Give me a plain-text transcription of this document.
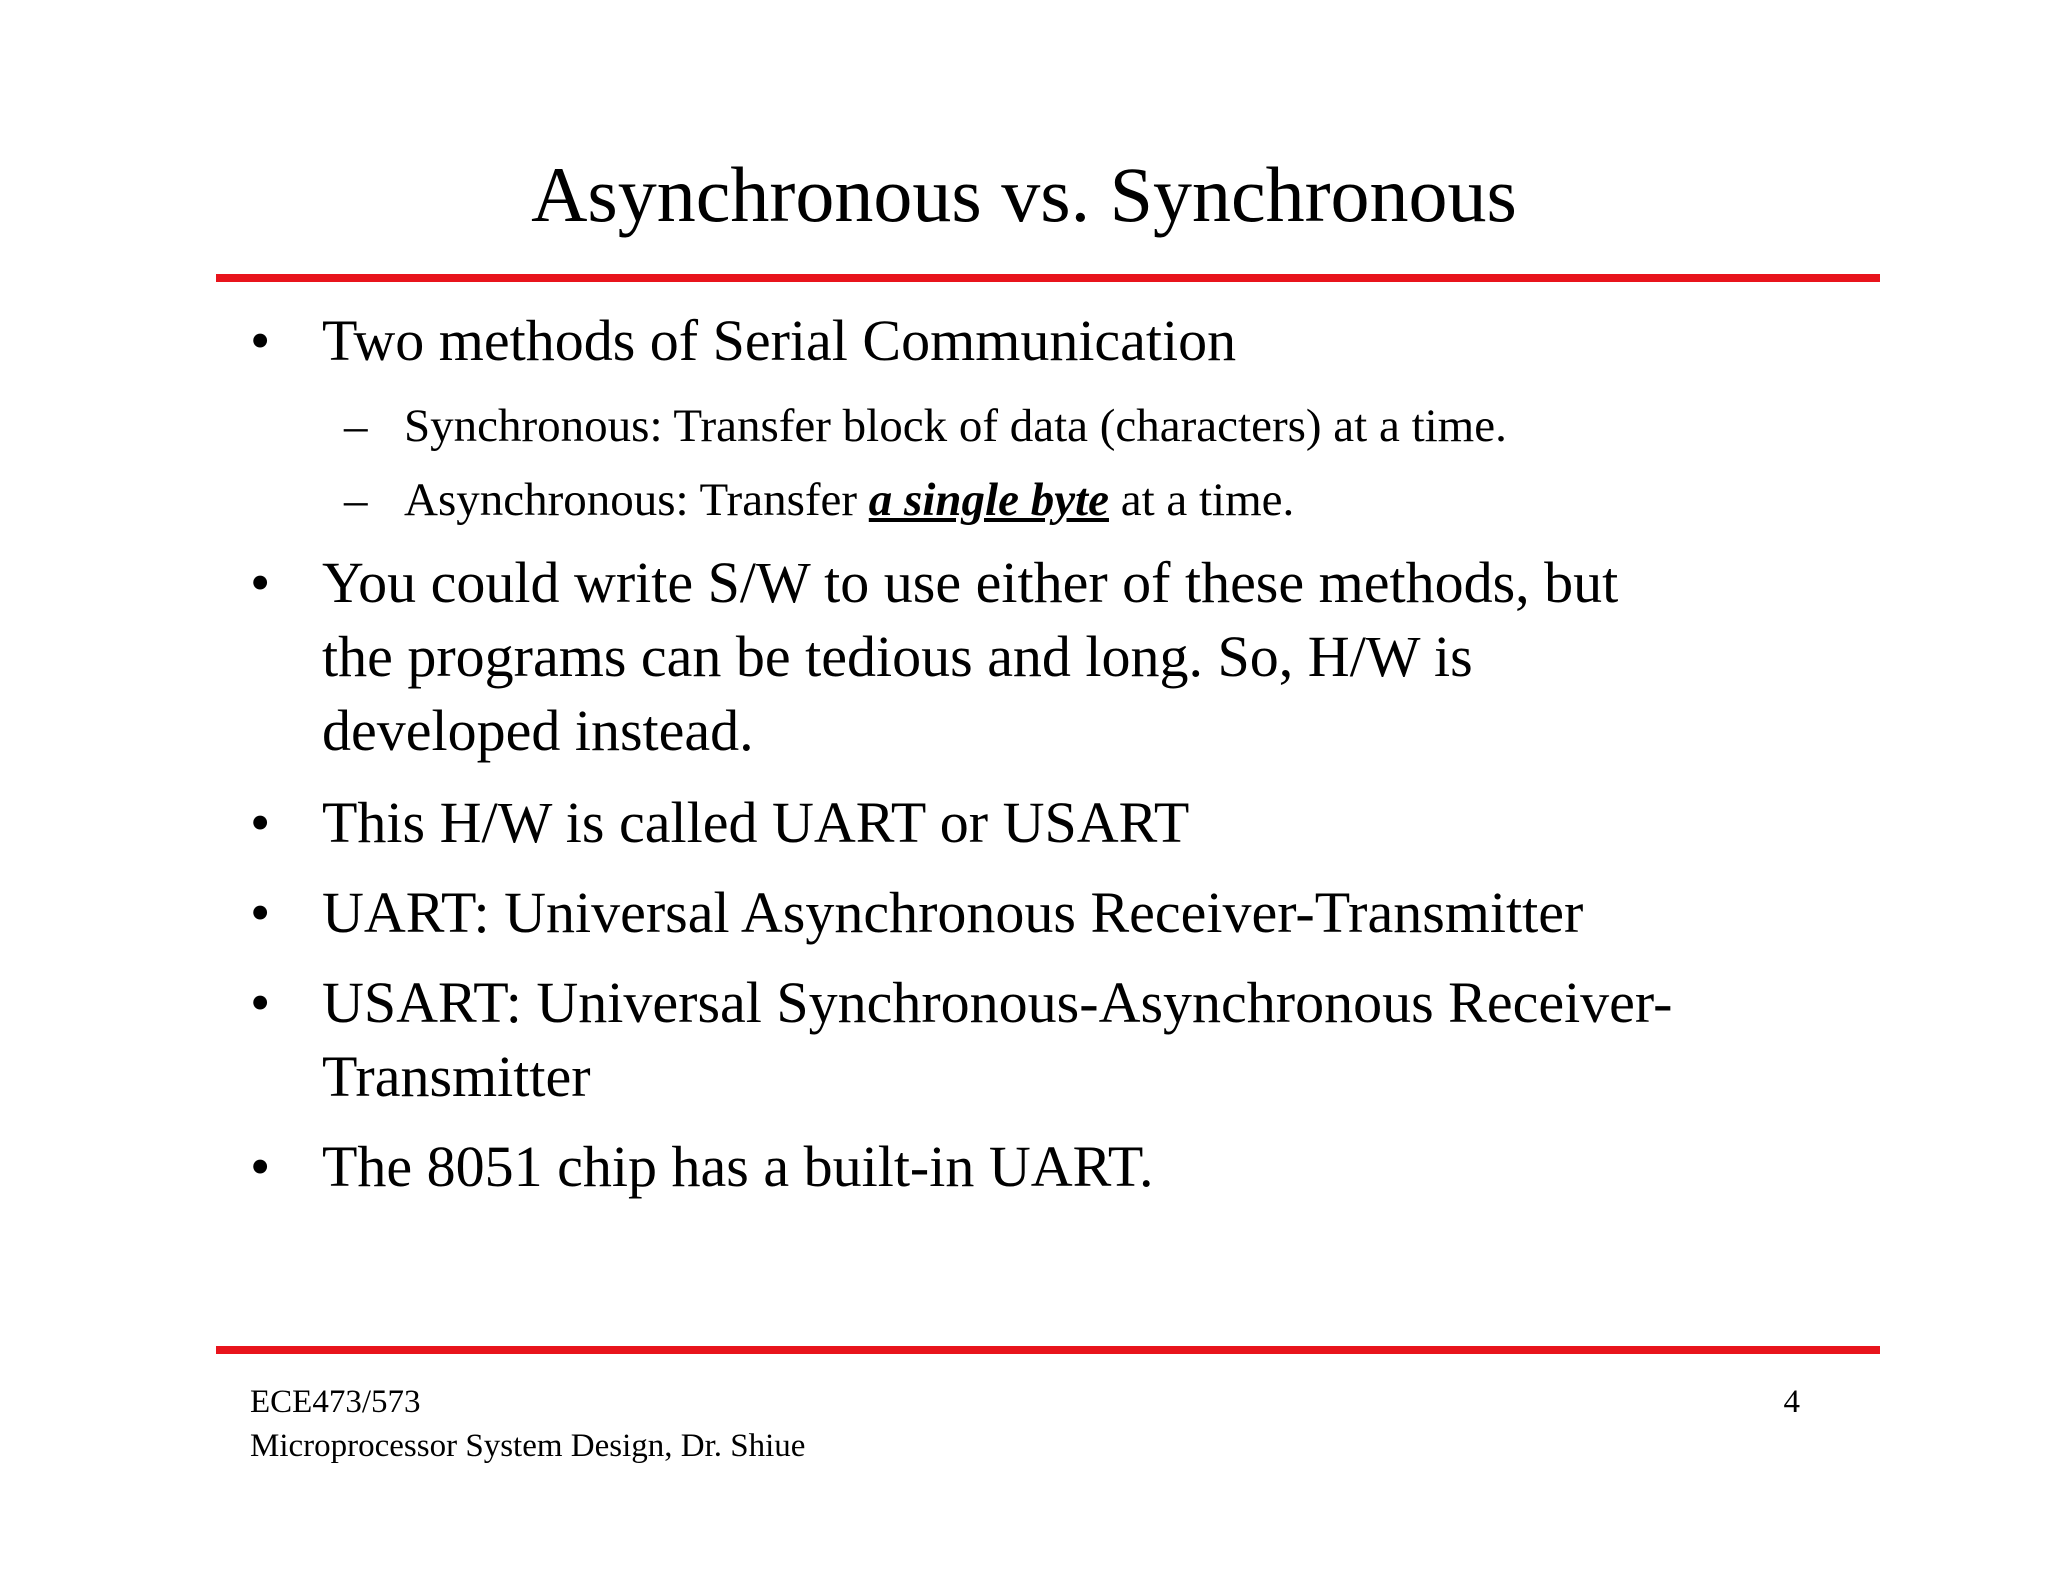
Asynchronous vs. Synchronous
• Two methods of Serial Communication
– Synchronous: Transfer block of data (characters) at a time.
– Asynchronous: Transfer a single byte at a time.
• You could write S/W to use either of these methods, but
the programs can be tedious and long. So, H/W is
developed instead.
• This H/W is called UART or USART
• UART: Universal Asynchronous Receiver-Transmitter
• USART: Universal Synchronous-Asynchronous Receiver-
Transmitter
• The 8051 chip has a built-in UART.
ECE473/573
Microprocessor System Design, Dr. Shiue
4
